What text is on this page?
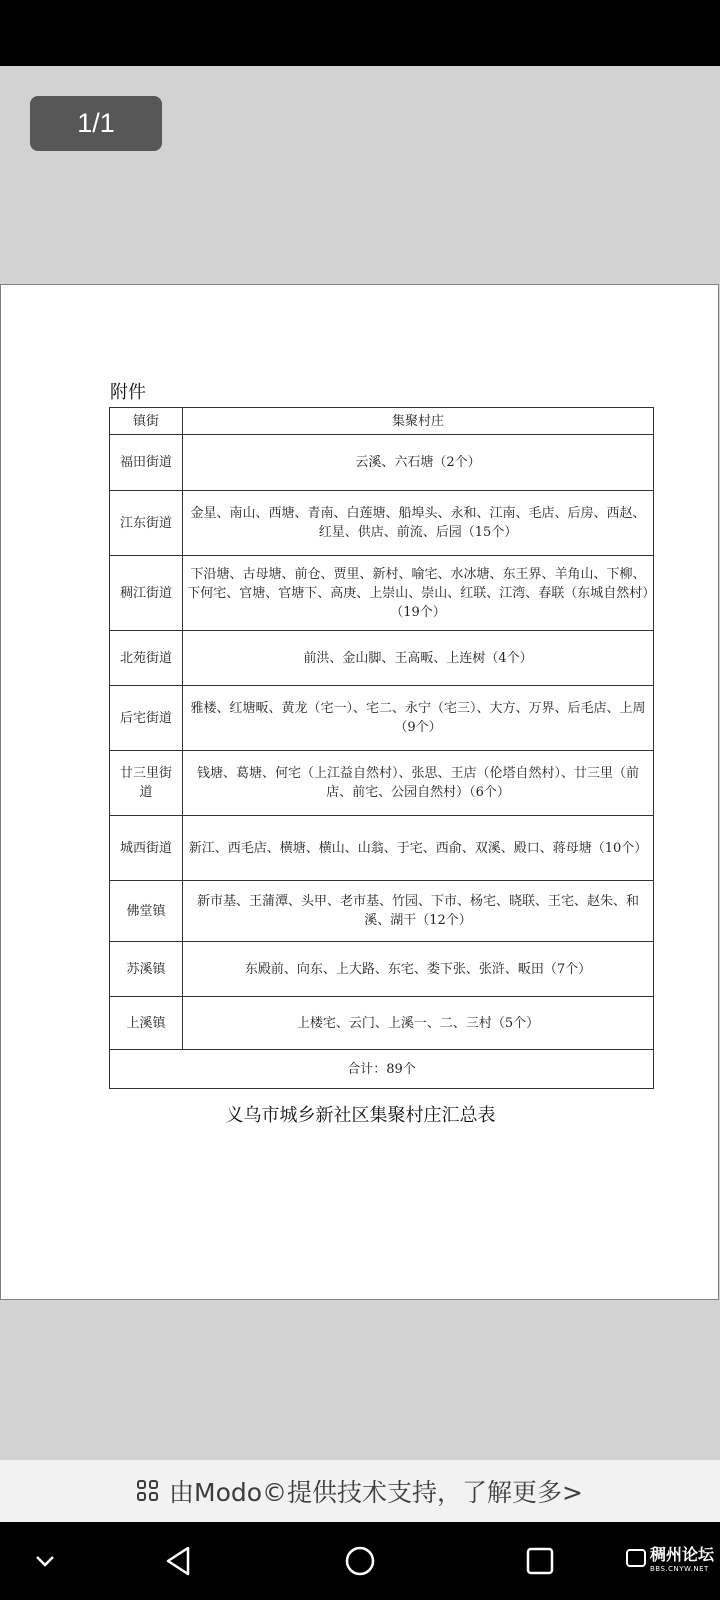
1/1
附件
镇街	集聚村庄
福田街道	云溪、六石塘（2个）
江东街道	金星、南山、西塘、青南、白莲塘、船埠头、永和、江南、毛店、后房、西赵、红星、供店、前流、后园（15个）
稠江街道	下沿塘、古母塘、前仓、贾里、新村、喻宅、水冰塘、东王界、羊角山、下柳、下何宅、官塘、官塘下、高庚、上崇山、崇山、红联、江湾、春联（东城自然村）（19个）
北苑街道	前洪、金山脚、王高畈、上连树（4个）
后宅街道	雅楼、红塘畈、黄龙（宅一）、宅二、永宁（宅三）、大方、万界、后毛店、上周（9个）
廿三里街道	钱塘、葛塘、何宅（上江益自然村）、张思、王店（伦塔自然村）、廿三里（前店、前宅、公园自然村）（6个）
城西街道	新江、西毛店、横塘、横山、山翁、于宅、西俞、双溪、殿口、蒋母塘（10个）
佛堂镇	新市基、王蒲潭、头甲、老市基、竹园、下市、杨宅、晓联、王宅、赵朱、和溪、湖干（12个）
苏溪镇	东殿前、向东、上大路、东宅、娄下张、张浒、畈田（7个）
上溪镇	上楼宅、云门、上溪一、二、三村（5个）
合计：89个	
义乌市城乡新社区集聚村庄汇总表
由Modo©提供技术支持，了解更多>
稠州论坛
BBS.CNYW.NET
